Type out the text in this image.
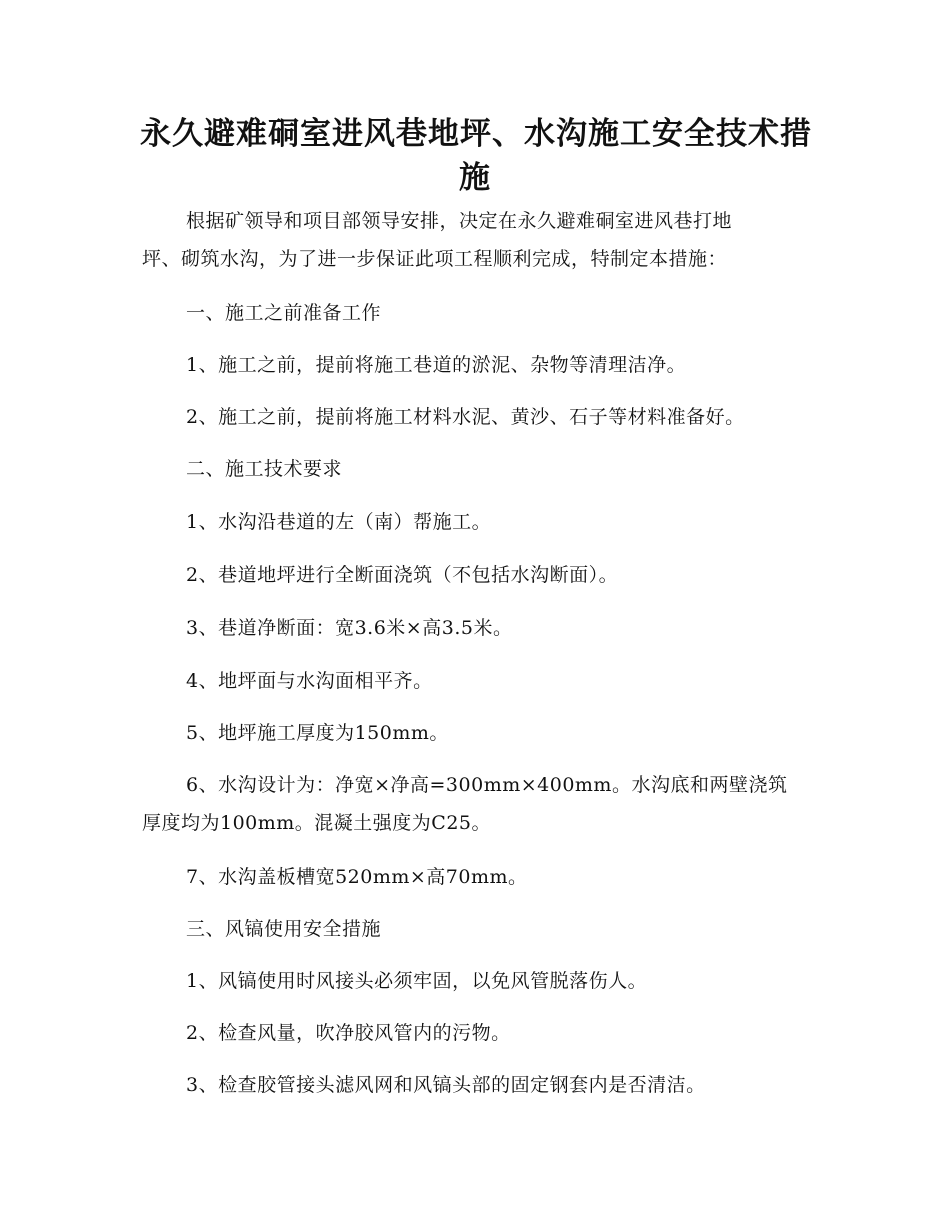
永久避难硐室进风巷地坪、水沟施工安全技术措
施

根据矿领导和项目部领导安排，决定在永久避难硐室进风巷打地
坪、砌筑水沟，为了进一步保证此项工程顺利完成，特制定本措施：

一、施工之前准备工作

1、施工之前，提前将施工巷道的淤泥、杂物等清理洁净。

2、施工之前，提前将施工材料水泥、黄沙、石子等材料准备好。

二、施工技术要求

1、水沟沿巷道的左（南）帮施工。

2、巷道地坪进行全断面浇筑（不包括水沟断面）。

3、巷道净断面：宽3.6米×高3.5米。

4、地坪面与水沟面相平齐。

5、地坪施工厚度为150mm。

6、水沟设计为：净宽×净高=300mm×400mm。水沟底和两壁浇筑
厚度均为100mm。混凝土强度为C25。

7、水沟盖板槽宽520mm×高70mm。

三、风镐使用安全措施

1、风镐使用时风接头必须牢固，以免风管脱落伤人。

2、检查风量，吹净胶风管内的污物。

3、检查胶管接头滤风网和风镐头部的固定钢套内是否清洁。
